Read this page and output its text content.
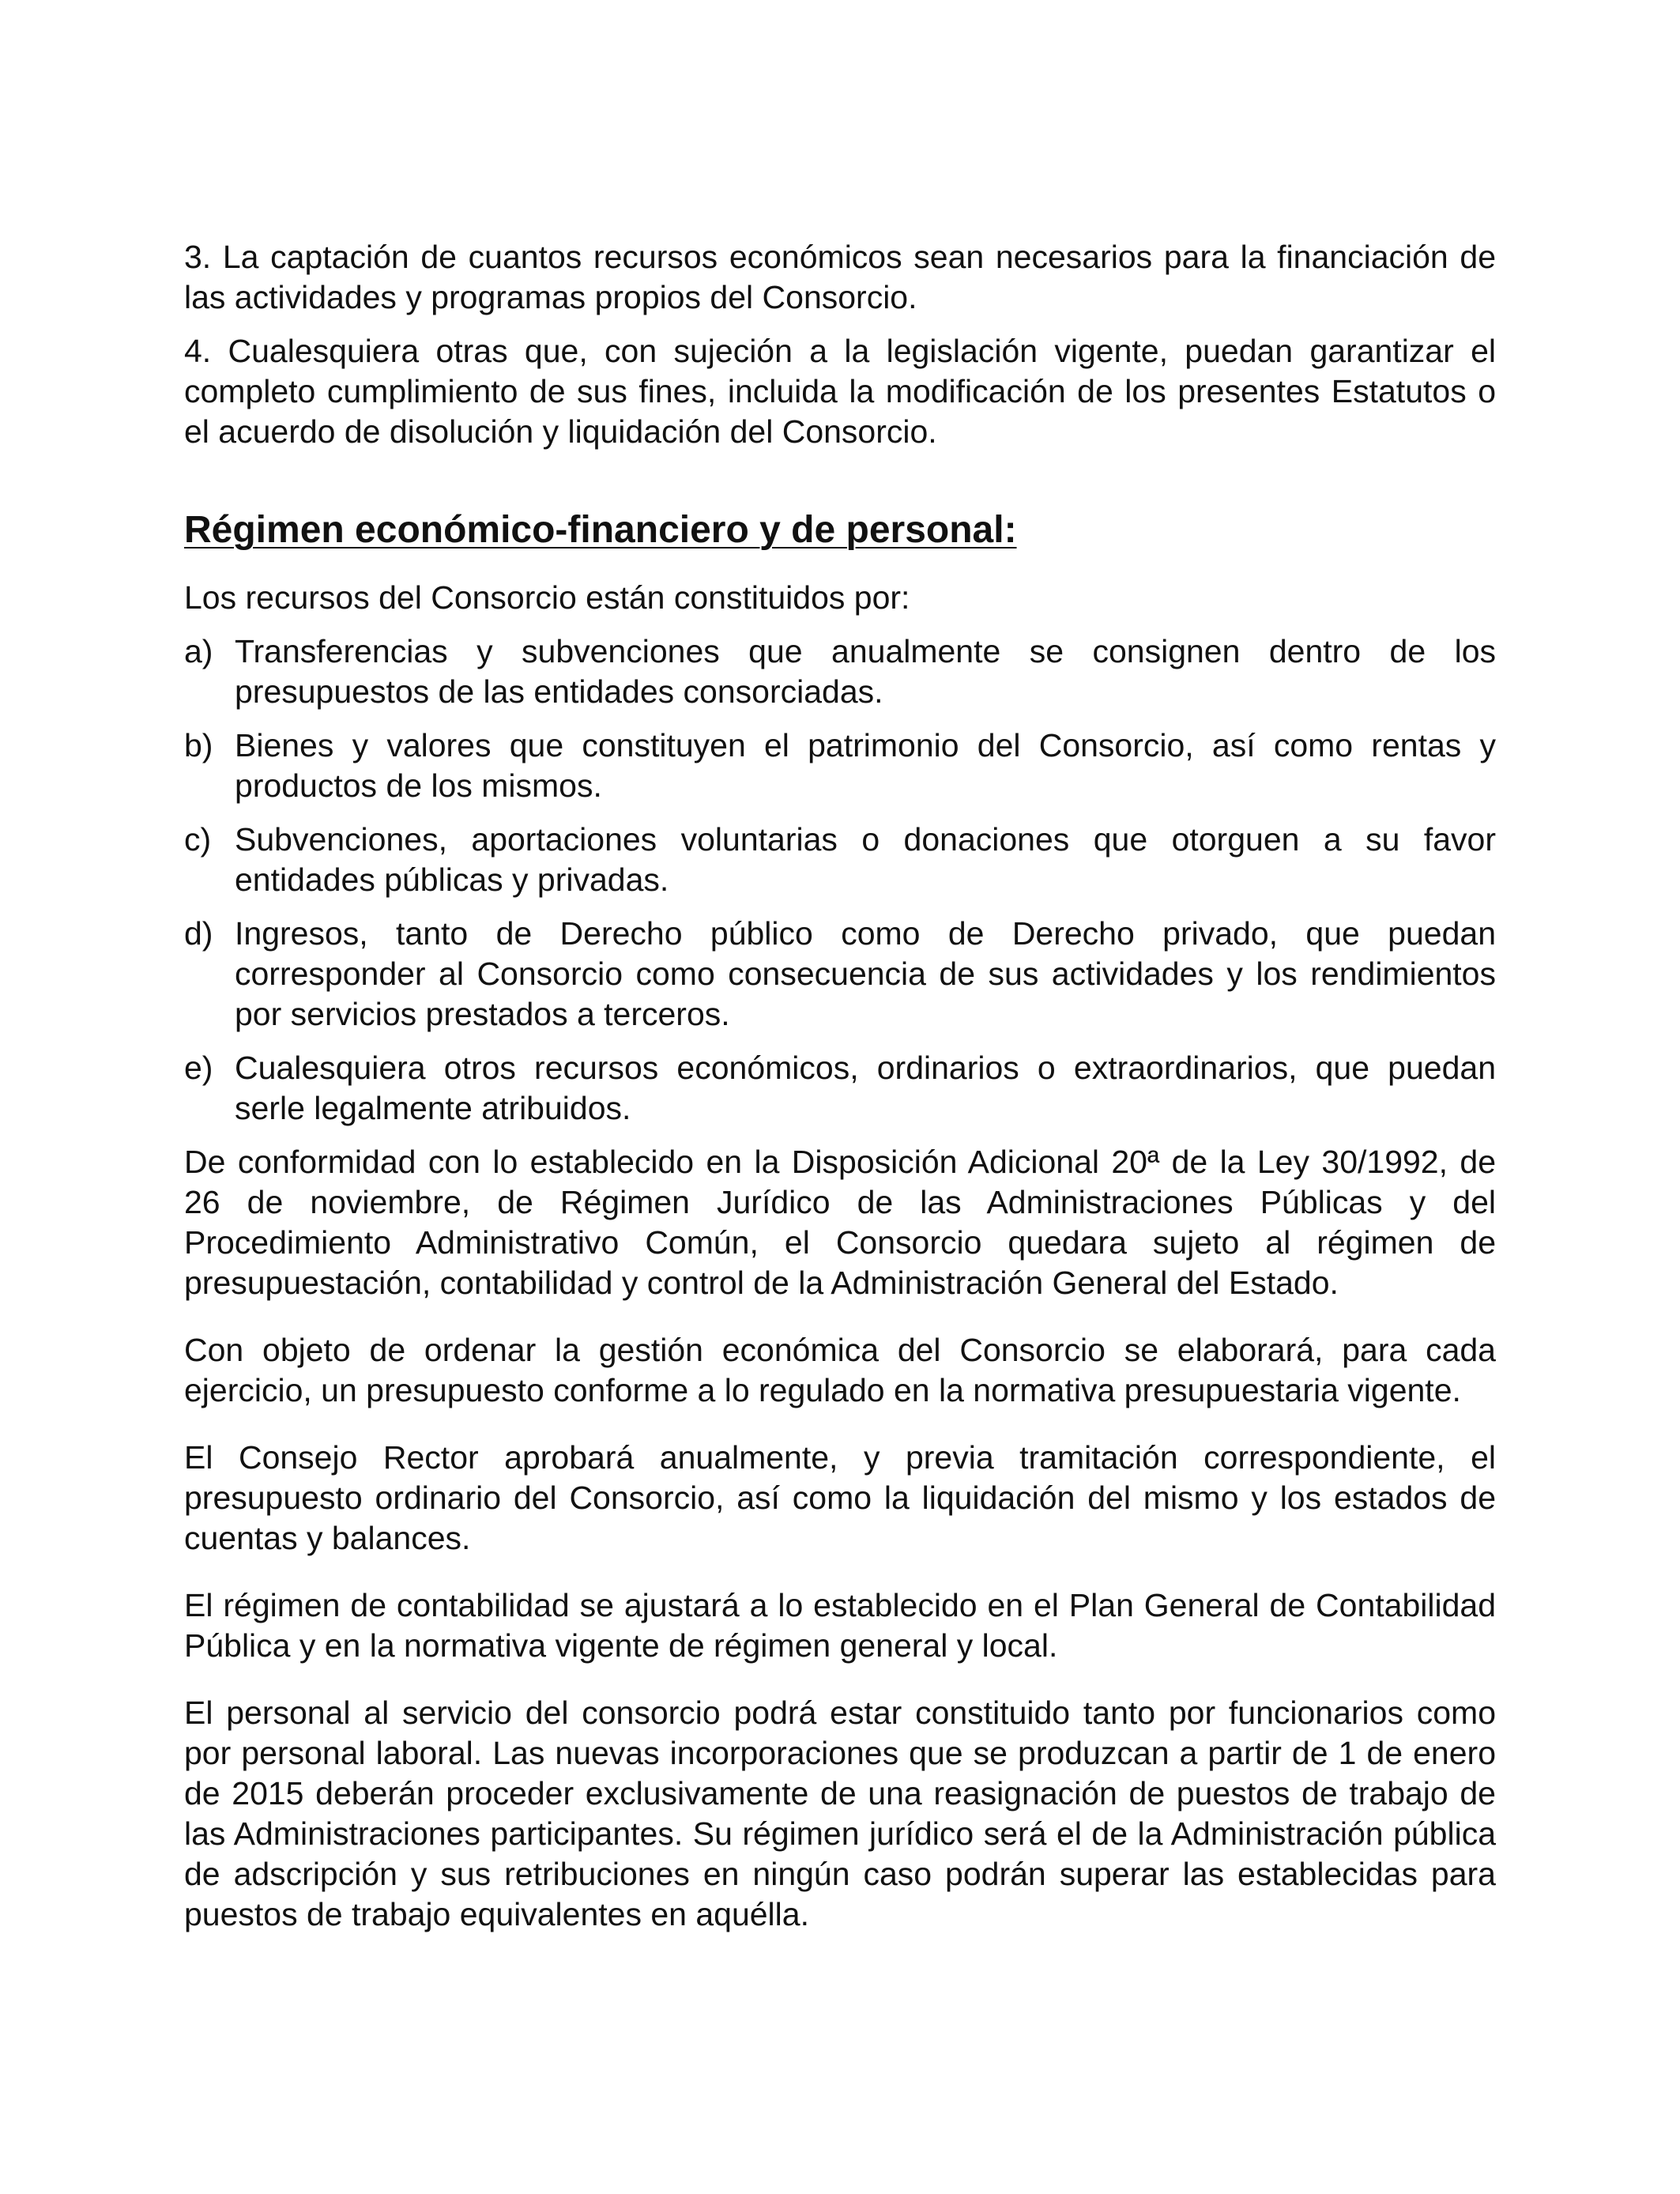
3. La captación de cuantos recursos económicos sean necesarios para la financiación de las actividades y programas propios del Consorcio.

4. Cualesquiera otras que, con sujeción a la legislación vigente, puedan garantizar el completo cumplimiento de sus fines, incluida la modificación de los presentes Estatutos o el acuerdo de disolución y liquidación del Consorcio.

Régimen económico-financiero y de personal:

Los recursos del Consorcio están constituidos por:

a) Transferencias y subvenciones que anualmente se consignen dentro de los presupuestos de las entidades consorciadas.
b) Bienes y valores que constituyen el patrimonio del Consorcio, así como rentas y productos de los mismos.
c) Subvenciones, aportaciones voluntarias o donaciones que otorguen a su favor entidades públicas y privadas.
d) Ingresos, tanto de Derecho público como de Derecho privado, que puedan corresponder al Consorcio como consecuencia de sus actividades y los rendimientos por servicios prestados a terceros.
e) Cualesquiera otros recursos económicos, ordinarios o extraordinarios, que puedan serle legalmente atribuidos.

De conformidad con lo establecido en la Disposición Adicional 20ª de la Ley 30/1992, de 26 de noviembre, de Régimen Jurídico de las Administraciones Públicas y del Procedimiento Administrativo Común, el Consorcio quedara sujeto al régimen de presupuestación, contabilidad y control de la Administración General del Estado.

Con objeto de ordenar la gestión económica del Consorcio se elaborará, para cada ejercicio, un presupuesto conforme a lo regulado en la normativa presupuestaria vigente.

El Consejo Rector aprobará anualmente, y previa tramitación correspondiente, el presupuesto ordinario del Consorcio, así como la liquidación del mismo y los estados de cuentas y balances.

El régimen de contabilidad se ajustará a lo establecido en el Plan General de Contabilidad Pública y en la normativa vigente de régimen general y local.

El personal al servicio del consorcio podrá estar constituido tanto por funcionarios como por personal laboral. Las nuevas incorporaciones que se produzcan a partir de 1 de enero de 2015 deberán proceder exclusivamente de una reasignación de puestos de trabajo de las Administraciones participantes. Su régimen jurídico será el de la Administración pública de adscripción y sus retribuciones en ningún caso podrán superar las establecidas para puestos de trabajo equivalentes en aquélla.
